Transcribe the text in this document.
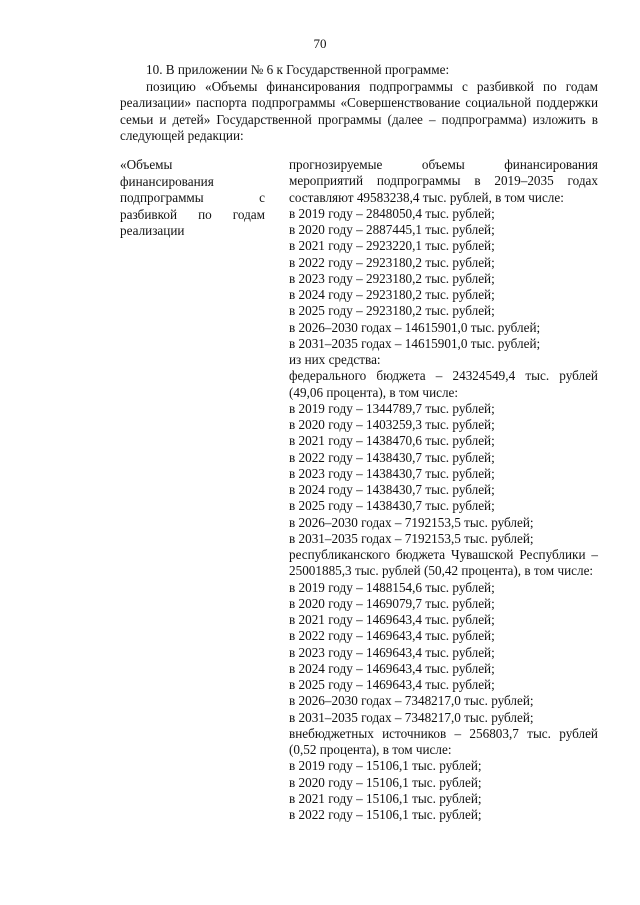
70

10. В приложении № 6 к Государственной программе:

позицию «Объемы финансирования подпрограммы с разбивкой по годам реализации» паспорта подпрограммы «Совершенствование социальной поддержки семьи и детей» Государственной программы (далее – подпрограмма) изложить в следующей редакции:

«Объемы финансирования подпрограммы с разбивкой по годам реализации
прогнозируемые объемы финансирования мероприятий подпрограммы в 2019–2035 годах составляют 49583238,4 тыс. рублей, в том числе:
в 2019 году – 2848050,4 тыс. рублей;
в 2020 году – 2887445,1 тыс. рублей;
в 2021 году – 2923220,1 тыс. рублей;
в 2022 году – 2923180,2 тыс. рублей;
в 2023 году – 2923180,2 тыс. рублей;
в 2024 году – 2923180,2 тыс. рублей;
в 2025 году – 2923180,2 тыс. рублей;
в 2026–2030 годах – 14615901,0 тыс. рублей;
в 2031–2035 годах – 14615901,0 тыс. рублей;
из них средства:
федерального бюджета – 24324549,4 тыс. рублей (49,06 процента), в том числе:
в 2019 году – 1344789,7 тыс. рублей;
в 2020 году – 1403259,3 тыс. рублей;
в 2021 году – 1438470,6 тыс. рублей;
в 2022 году – 1438430,7 тыс. рублей;
в 2023 году – 1438430,7 тыс. рублей;
в 2024 году – 1438430,7 тыс. рублей;
в 2025 году – 1438430,7 тыс. рублей;
в 2026–2030 годах – 7192153,5 тыс. рублей;
в 2031–2035 годах – 7192153,5 тыс. рублей;
республиканского бюджета Чувашской Республики – 25001885,3 тыс. рублей (50,42 процента), в том числе:
в 2019 году – 1488154,6 тыс. рублей;
в 2020 году – 1469079,7 тыс. рублей;
в 2021 году – 1469643,4 тыс. рублей;
в 2022 году – 1469643,4 тыс. рублей;
в 2023 году – 1469643,4 тыс. рублей;
в 2024 году – 1469643,4 тыс. рублей;
в 2025 году – 1469643,4 тыс. рублей;
в 2026–2030 годах – 7348217,0 тыс. рублей;
в 2031–2035 годах – 7348217,0 тыс. рублей;
внебюджетных источников – 256803,7 тыс. рублей (0,52 процента), в том числе:
в 2019 году – 15106,1 тыс. рублей;
в 2020 году – 15106,1 тыс. рублей;
в 2021 году – 15106,1 тыс. рублей;
в 2022 году – 15106,1 тыс. рублей;
